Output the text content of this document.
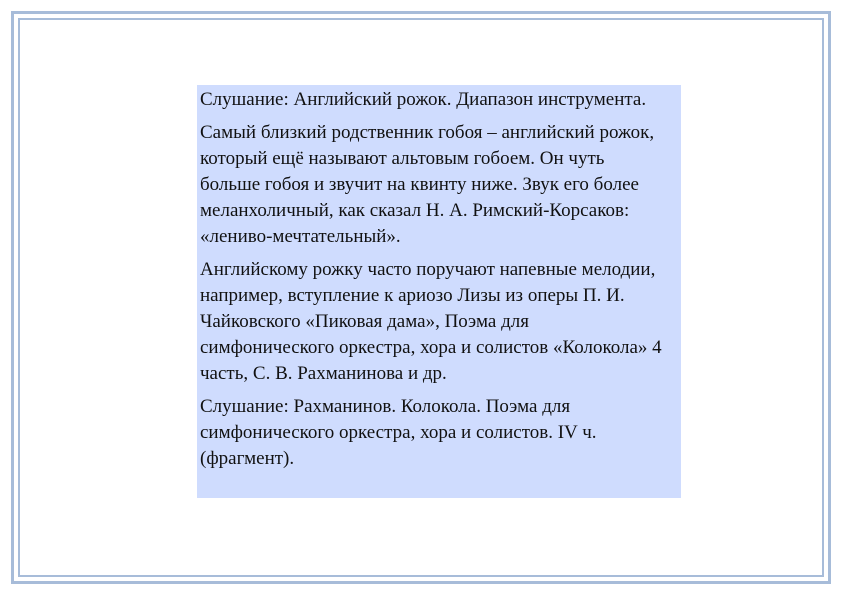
Слушание: Английский рожок. Диапазон инструмента.

Самый близкий родственник гобоя – английский рожок, который ещё называют альтовым гобоем. Он чуть больше гобоя и звучит на квинту ниже. Звук его более меланхоличный, как сказал Н. А. Римский-Корсаков: «лениво-мечтательный».

Английскому рожку часто поручают напевные мелодии, например, вступление к ариозо Лизы из оперы П. И. Чайковского «Пиковая дама», Поэма для симфонического оркестра, хора и солистов «Колокола» 4 часть, С. В. Рахманинова и др.

Слушание: Рахманинов. Колокола. Поэма для симфонического оркестра, хора и солистов. IV ч. (фрагмент).
